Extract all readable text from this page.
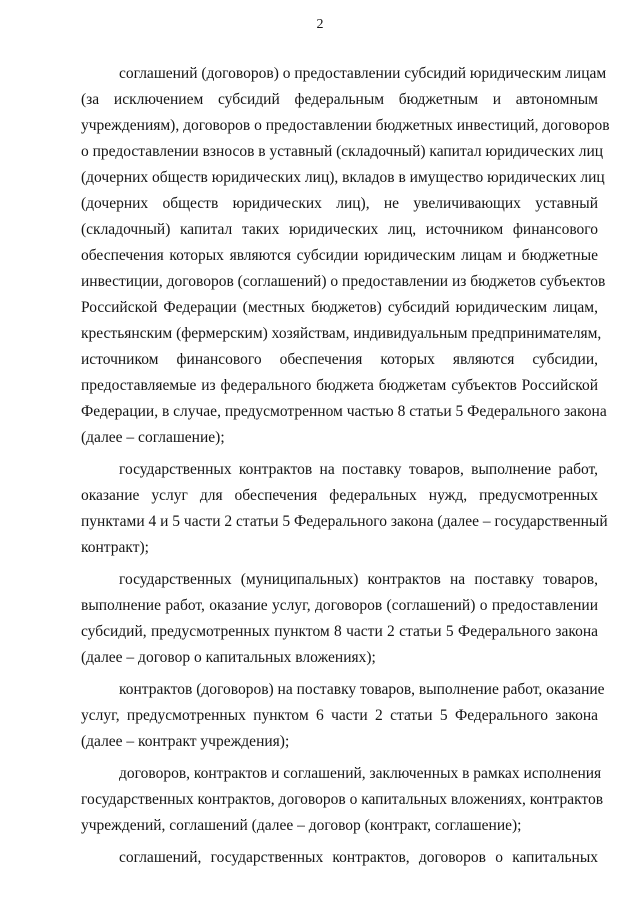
2
соглашений (договоров) о предоставлении субсидий юридическим лицам
(за исключением субсидий федеральным бюджетным и автономным
учреждениям), договоров о предоставлении бюджетных инвестиций, договоров
о предоставлении взносов в уставный (складочный) капитал юридических лиц
(дочерних обществ юридических лиц), вкладов в имущество юридических лиц
(дочерних обществ юридических лиц), не увеличивающих уставный
(складочный) капитал таких юридических лиц, источником финансового
обеспечения которых являются субсидии юридическим лицам и бюджетные
инвестиции, договоров (соглашений) о предоставлении из бюджетов субъектов
Российской Федерации (местных бюджетов) субсидий юридическим лицам,
крестьянским (фермерским) хозяйствам, индивидуальным предпринимателям,
источником финансового обеспечения которых являются субсидии,
предоставляемые из федерального бюджета бюджетам субъектов Российской
Федерации, в случае, предусмотренном частью 8 статьи 5 Федерального закона
(далее – соглашение);
государственных контрактов на поставку товаров, выполнение работ,
оказание услуг для обеспечения федеральных нужд, предусмотренных
пунктами 4 и 5 части 2 статьи 5 Федерального закона (далее – государственный
контракт);
государственных (муниципальных) контрактов на поставку товаров,
выполнение работ, оказание услуг, договоров (соглашений) о предоставлении
субсидий, предусмотренных пунктом 8 части 2 статьи 5 Федерального закона
(далее – договор о капитальных вложениях);
контрактов (договоров) на поставку товаров, выполнение работ, оказание
услуг, предусмотренных пунктом 6 части 2 статьи 5 Федерального закона
(далее – контракт учреждения);
договоров, контрактов и соглашений, заключенных в рамках исполнения
государственных контрактов, договоров о капитальных вложениях, контрактов
учреждений, соглашений (далее – договор (контракт, соглашение);
соглашений, государственных контрактов, договоров о капитальных
